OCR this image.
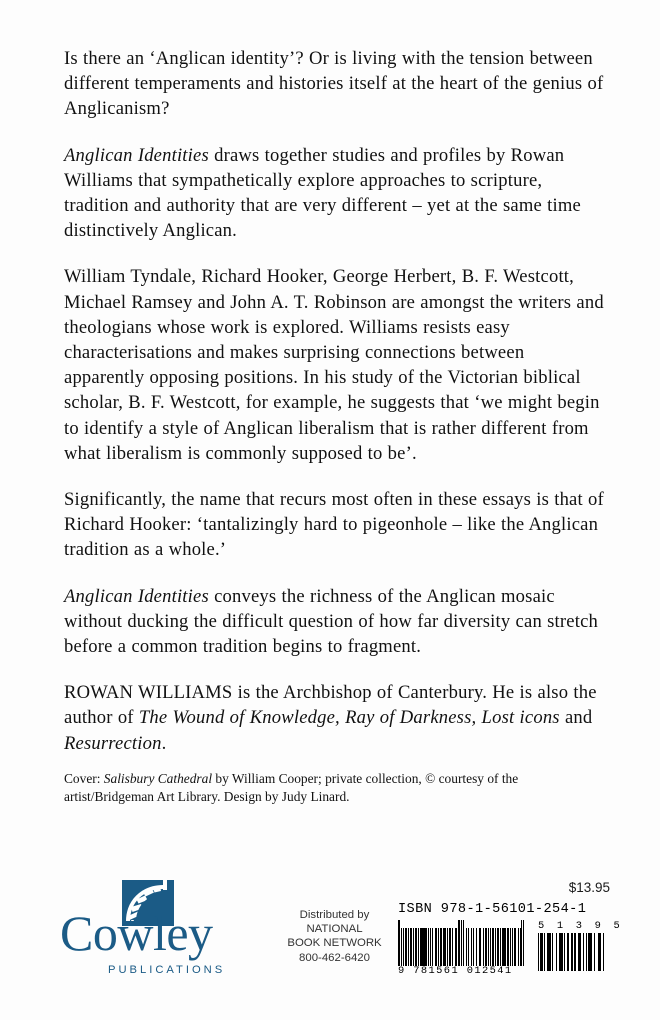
Is there an ‘Anglican identity’? Or is living with the tension between different temperaments and histories itself at the heart of the genius of Anglicanism?

Anglican Identities draws together studies and profiles by Rowan Williams that sympathetically explore approaches to scripture, tradition and authority that are very different – yet at the same time distinctively Anglican.

William Tyndale, Richard Hooker, George Herbert, B. F. Westcott, Michael Ramsey and John A. T. Robinson are amongst the writers and theologians whose work is explored. Williams resists easy characterisations and makes surprising connections between apparently opposing positions. In his study of the Victorian biblical scholar, B. F. Westcott, for example, he suggests that ‘we might begin to identify a style of Anglican liberalism that is rather different from what liberalism is commonly supposed to be’.

Significantly, the name that recurs most often in these essays is that of Richard Hooker: ‘tantalizingly hard to pigeonhole – like the Anglican tradition as a whole.’

Anglican Identities conveys the richness of the Anglican mosaic without ducking the difficult question of how far diversity can stretch before a common tradition begins to fragment.

ROWAN WILLIAMS is the Archbishop of Canterbury. He is also the author of The Wound of Knowledge, Ray of Darkness, Lost icons and Resurrection.

Cover: Salisbury Cathedral by William Cooper; private collection, © courtesy of the artist/Bridgeman Art Library. Design by Judy Linard.
Cowley
PUBLICATIONS
Distributed by
NATIONAL
BOOK NETWORK
800-462-6420
$13.95
ISBN 978-1-56101-254-1
9 781561 012541
5 1 3 9 5
